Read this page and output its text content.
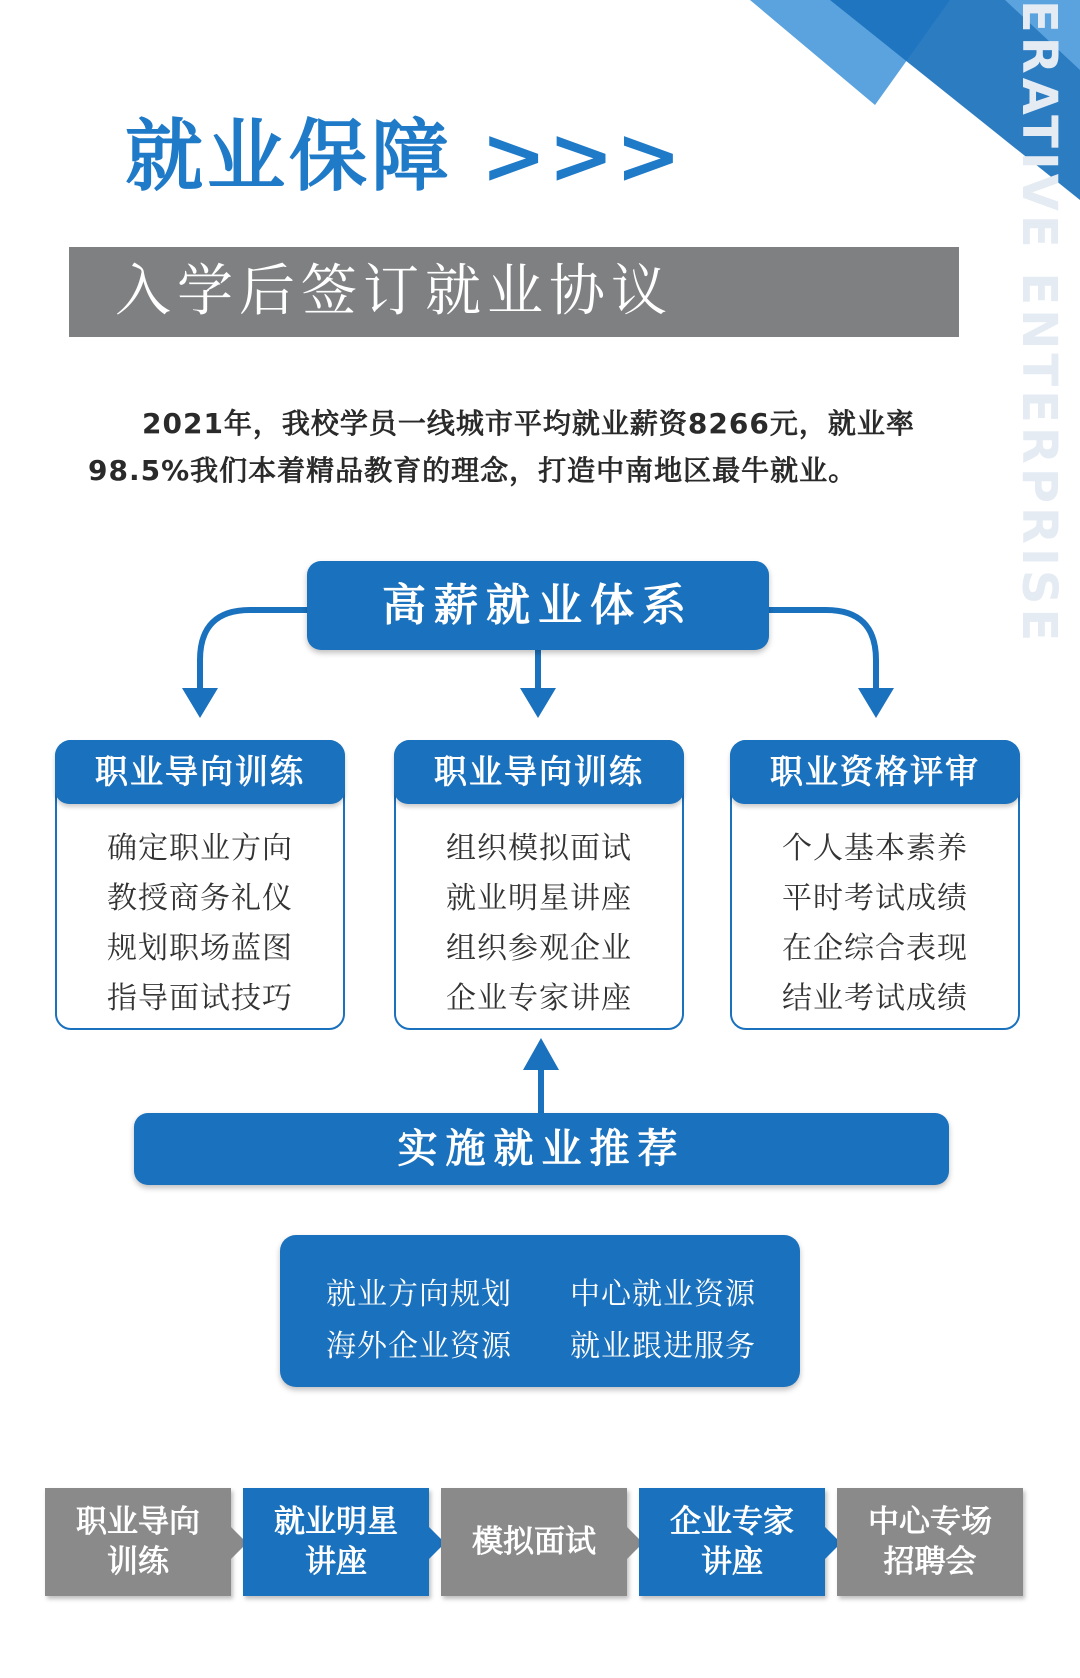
ERATIVE ENTERPRISE
就业保障 >>>
入学后签订就业协议

2021年，我校学员一线城市平均就业薪资8266元，就业率

98.5%我们本着精品教育的理念，打造中南地区最牛就业。

高薪就业体系
职业导向训练
确定职业方向
教授商务礼仪
规划职场蓝图
指导面试技巧
职业导向训练
组织模拟面试
就业明星讲座
组织参观企业
企业专家讲座
职业资格评审
个人基本素养
平时考试成绩
在企综合表现
结业考试成绩
实施就业推荐
就业方向规划 中心就业资源
海外企业资源 就业跟进服务
职业导向
训练
就业明星
讲座
模拟面试
企业专家
讲座
中心专场
招聘会
